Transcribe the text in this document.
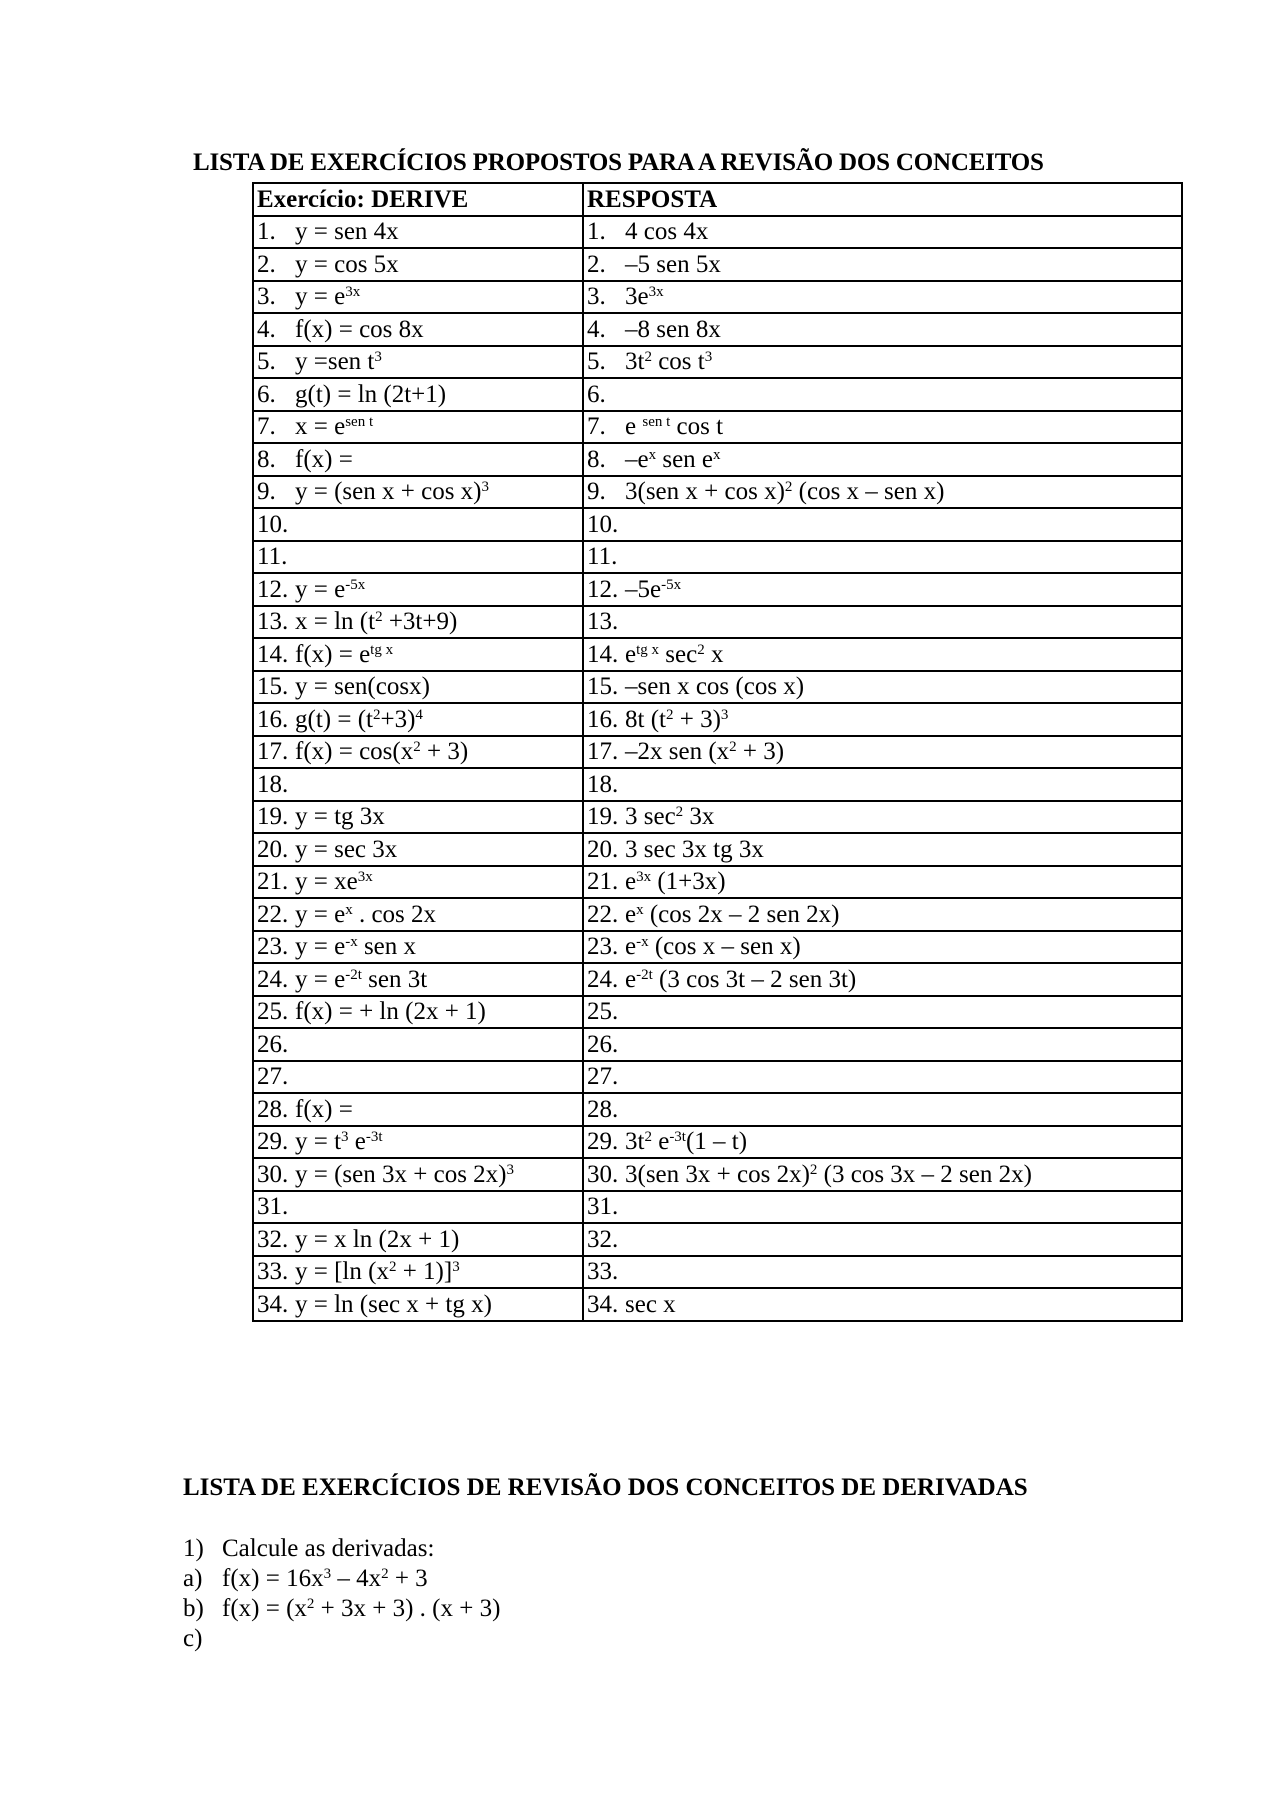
LISTA DE EXERCÍCIOS PROPOSTOS PARA A REVISÃO DOS CONCEITOS
Exercício: DERIVE	RESPOSTA
1. y = sen 4x	1. 4 cos 4x
2. y = cos 5x	2. –5 sen 5x
3. $y = e^{3x}$	3. $3e^{3x}$
4. f(x) = cos 8x	4. –8 sen 8x
5. y =sen $t^3$	5. $3t^2$ $\cos t^3$
6. g(t) = ln (2t+1)	6.
7. $x = e^{sen t}$	7. e $^{sen t}$ cos t
8. f(x) =	8. $-e^x$ sen $e^x$
9. y = (sen x + cos x)$^3$	9. 3(sen x + cos x)$^2$ (cos x – sen x)
10.	10.
11.	11.
12. $y = e^{-5x}$	12. $-5e^{-5x}$
13. $x = \ln (t^2 +3t+9)$	13.
14. $f(x) = e^{tg x}$	14. $e^{tg x}$ $\sec^2 x$
15. y = sen(cosx)	15. –sen x cos (cos x)
16. $g(t) = (t^2+3)^4$	16. 8t $(t^2 + 3)^3$
17. $f(x) = \cos(x^2 + 3)$	17. –2x sen $(x^2 + 3)$
18.	18.
19. y = tg 3x	19. 3 $\sec^2 3x$
20. y = sec 3x	20. 3 sec 3x tg 3x
21. $y = xe^{3x}$	21. $e^{3x}$ (1+3x)
22. $y = e^x$ . cos 2x	22. $e^x$ (cos 2x – 2 sen 2x)
23. $y = e^{-x}$ sen x	23. $e^{-x}$ (cos x – sen x)
24. $y = e^{-2t}$ sen 3t	24. $e^{-2t}$ (3 cos 3t – 2 sen 3t)
25. f(x) = + ln (2x + 1)	25.
26.	26.
27.	27.
28. f(x) =	28.
29. $y = t^3$ $e^{-3t}$	29. $3t^2$ $e^{-3t}(1 - t)$
30. y = (sen 3x + cos 2x)$^3$	30. 3(sen 3x + cos 2x)$^2$ (3 cos 3x – 2 sen 2x)
31.	31.
32. y = x ln (2x + 1)	32.
33. y = [ln $(x^2 + 1)]^3$	33.
34. y = ln (sec x + tg x)	34. sec x
LISTA DE EXERCÍCIOS DE REVISÃO DOS CONCEITOS DE DERIVADAS
1) Calcule as derivadas:
a) $f(x) = 16x^3 - 4x^2 + 3$
b) $f(x) = (x^2 + 3x + 3)$ . (x + 3)
c)
